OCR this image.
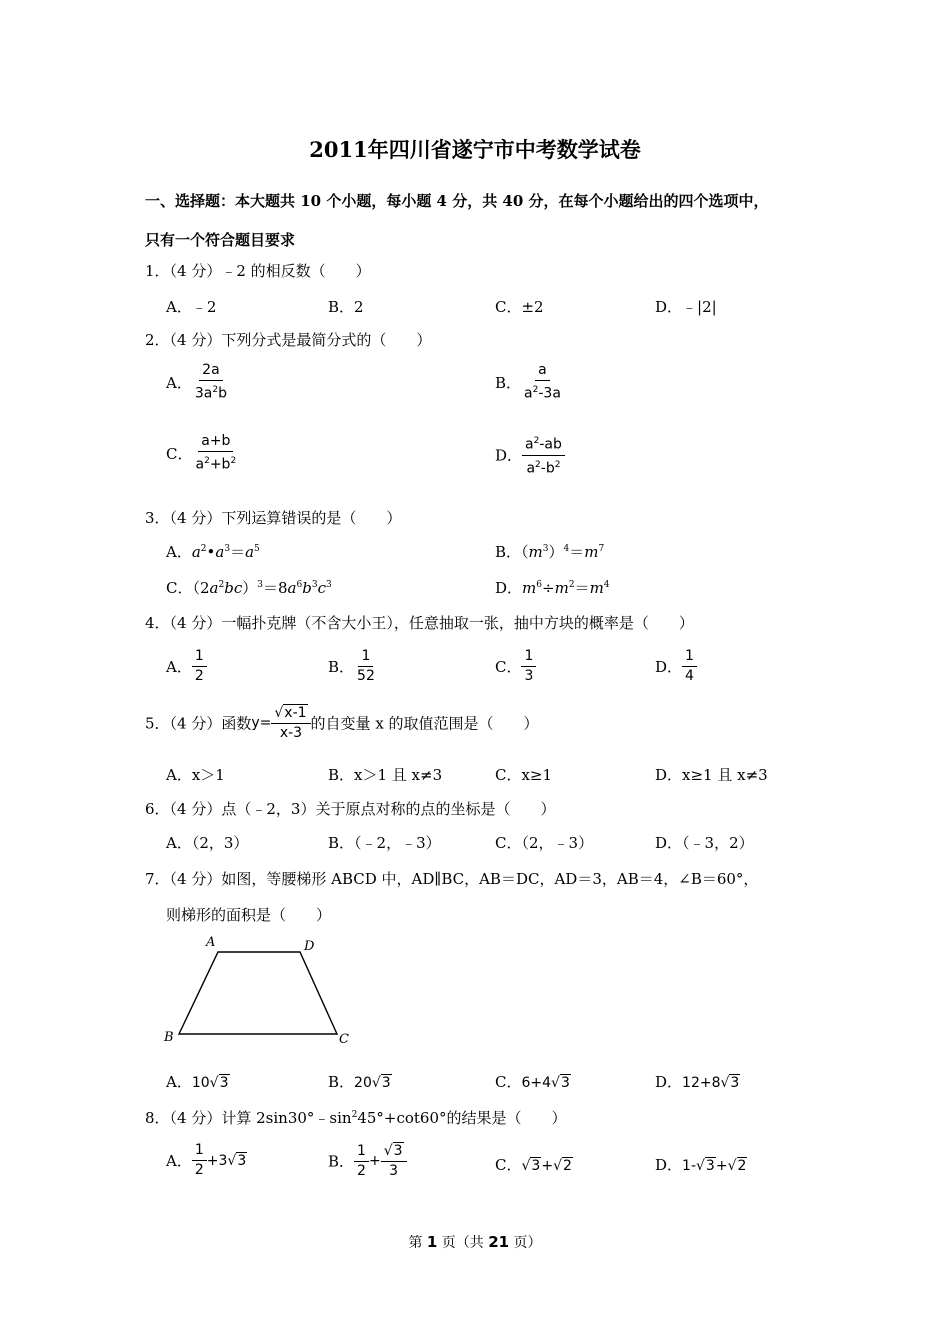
2011年四川省遂宁市中考数学试卷
一、选择题：本大题共 10 个小题，每小题 4 分，共 40 分，在每个小题给出的四个选项中，
只有一个符合题目要求
1．（4 分）﹣2 的相反数（　　）
A．﹣2	B．2	C．±2	D．﹣|2|
2．（4 分）下列分式是最简分式的（　　）
A． $\frac{2a}{3a^2b}$	B． $\frac{a}{a^2-3a}$
C． $\frac{a+b}{a^2+b^2}$	D． $\frac{a^2-ab}{a^2-b^2}$
3．（4 分）下列运算错误的是（　　）
A．$a^2•a^3=a^5$	B．$(m^3)^4=m^7$
C．$(2a^2bc)^3=8a^6b^3c^3$	D．$m^6\div m^2=m^4$
4．（4 分）一幅扑克牌（不含大小王），任意抽取一张，抽中方块的概率是（　　）
A． $\frac{1}{2}$	B． $\frac{1}{52}$	C． $\frac{1}{3}$	D． $\frac{1}{4}$
5．（4 分）函数$y= \frac{√x-1}{x-3}$ 的自变量 x 的取值范围是（　　）
A．x＞1	B．x＞1 且 x≠3	C．x≥1	D．x≥1 且 x≠3
6．（4 分）点（﹣2，3）关于原点对称的点的坐标是（　　）
A．（2，3）	B．（﹣2，﹣3）	C．（2，﹣3）	D．（﹣3，2）
7．（4 分）如图，等腰梯形 ABCD 中，AD∥BC，AB＝DC，AD＝3，AB＝4，∠B＝60°，
则梯形的面积是（　　）
A	D
B	C
A．10√3	B．20√3	C．6+4√3	D．12+8√3
8．（4 分）计算 $2\sin 30^\circ﹣\sin^245^\circ+\cot 60^\circ$的结果是（　　）
A． $\frac{1}{2} +3√3$	B． $\frac{1}{2} + \frac{√3}{3}$	C．√3+√2	D．1-√3+√2
第 1 页（共 21 页）
